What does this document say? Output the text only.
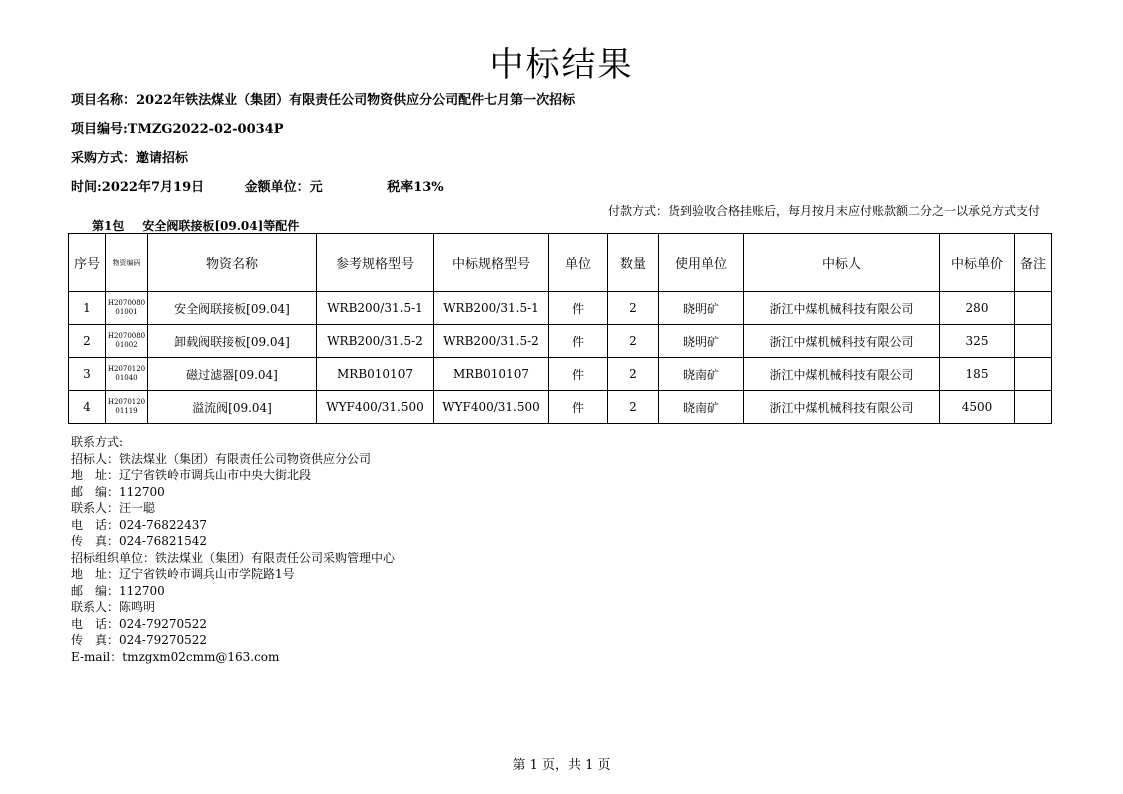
中标结果
项目名称：2022年铁法煤业（集团）有限责任公司物资供应分公司配件七月第一次招标
项目编号:TMZG2022-02-0034P
采购方式：邀请招标
时间:2022年7月19日	金额单位：元	税率13%
第1包 安全阀联接板[09.04]等配件
付款方式：货到验收合格挂账后，每月按月末应付账款额二分之一以承兑方式支付
序号	物资编码	物资名称	参考规格型号	中标规格型号	单位	数量	使用单位	中标人	中标单价	备注
1	H207008001001	安全阀联接板[09.04]	WRB200/31.5-1	WRB200/31.5-1	件	2	晓明矿	浙江中煤机械科技有限公司	280	
2	H207008001002	卸载阀联接板[09.04]	WRB200/31.5-2	WRB200/31.5-2	件	2	晓明矿	浙江中煤机械科技有限公司	325	
3	H207012001040	磁过滤器[09.04]	MRB010107	MRB010107	件	2	晓南矿	浙江中煤机械科技有限公司	185	
4	H207012001119	溢流阀[09.04]	WYF400/31.500	WYF400/31.500	件	2	晓南矿	浙江中煤机械科技有限公司	4500	
联系方式:
招标人：铁法煤业（集团）有限责任公司物资供应分公司
地　址：辽宁省铁岭市调兵山市中央大街北段
邮　编：112700
联系人：汪一聪
电　话：024-76822437
传　真：024-76821542
招标组织单位：铁法煤业（集团）有限责任公司采购管理中心
地　址：辽宁省铁岭市调兵山市学院路1号
邮　编：112700
联系人：陈鸣明
电　话：024-79270522
传　真：024-79270522
E-mail：tmzgxm02cmm@163.com
第 1 页，共 1 页
